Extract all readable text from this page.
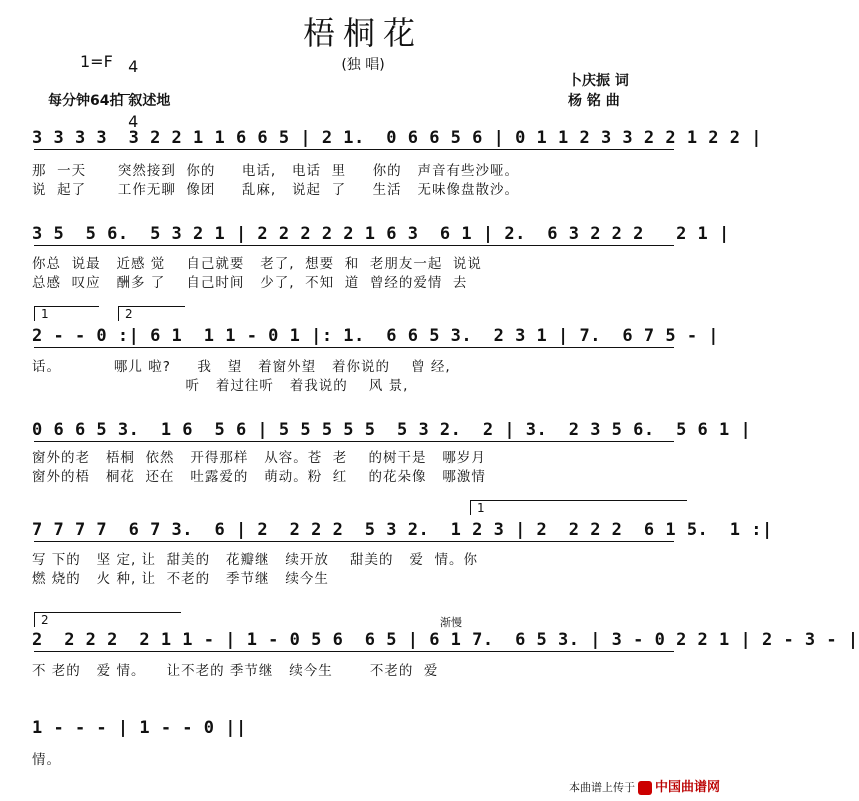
梧桐花
(独 唱)
1=F 4

4

每分钟64拍 叙述地
卜庆振 词
杨 铭 曲
3 3 3 3  3 2 2 1 1 6 6 5 | 2 1.  0 6 6 5 6 | 0 1 1 2 3 3 2 2 1 2 2 |
那  一天      突然接到  你的     电话,   电话  里     你的   声音有些沙哑。
说  起了      工作无聊  像团     乱麻,   说起  了     生活   无味像盘散沙。
3 5  5 6.  5 3 2 1 | 2 2 2 2 2 1 6 3  6 1 | 2.  6 3 2 2 2   2 1 |
你总  说最   近感 觉    自己就要   老了,  想要  和  老朋友一起  说说
总感  叹应   酬多 了    自己时间   少了,  不知  道  曾经的爱情  去
1	2
2 - - 0 :| 6 1  1 1 - 0 1 |: 1.  6 6 5 3.  2 3 1 | 7.  6 7 5 - |
话。          哪儿 啦?     我   望   着窗外望   着你说的    曾 经,
听   着过往听   着我说的    风 景,
0 6 6 5 3.  1 6  5 6 | 5 5 5 5 5  5 3 2.  2 | 3.  2 3 5 6.  5 6 1 |
窗外的老   梧桐  依然   开得那样   从容。苍  老    的树干是   哪岁月
窗外的梧   桐花  还在   吐露爱的   萌动。粉  红    的花朵像   哪激情
1
7 7 7 7  6 7 3.  6 | 2  2 2 2  5 3 2.  1 2 3 | 2  2 2 2  6 1 5.  1 :|
写 下的   坚 定, 让  甜美的   花瓣继   续开放    甜美的   爱  情。你
燃 烧的   火 种, 让  不老的   季节继   续今生
2	渐慢
2  2 2 2  2 1 1 - | 1 - 0 5 6  6 5 | 6 1 7.  6 5 3. | 3 - 0 2 2 1 | 2 - 3 - |
不 老的   爱 情。    让不老的 季节继   续今生       不老的  爱
1 - - - | 1 - - 0 ||
情。

本曲谱上传于 中国曲谱网
